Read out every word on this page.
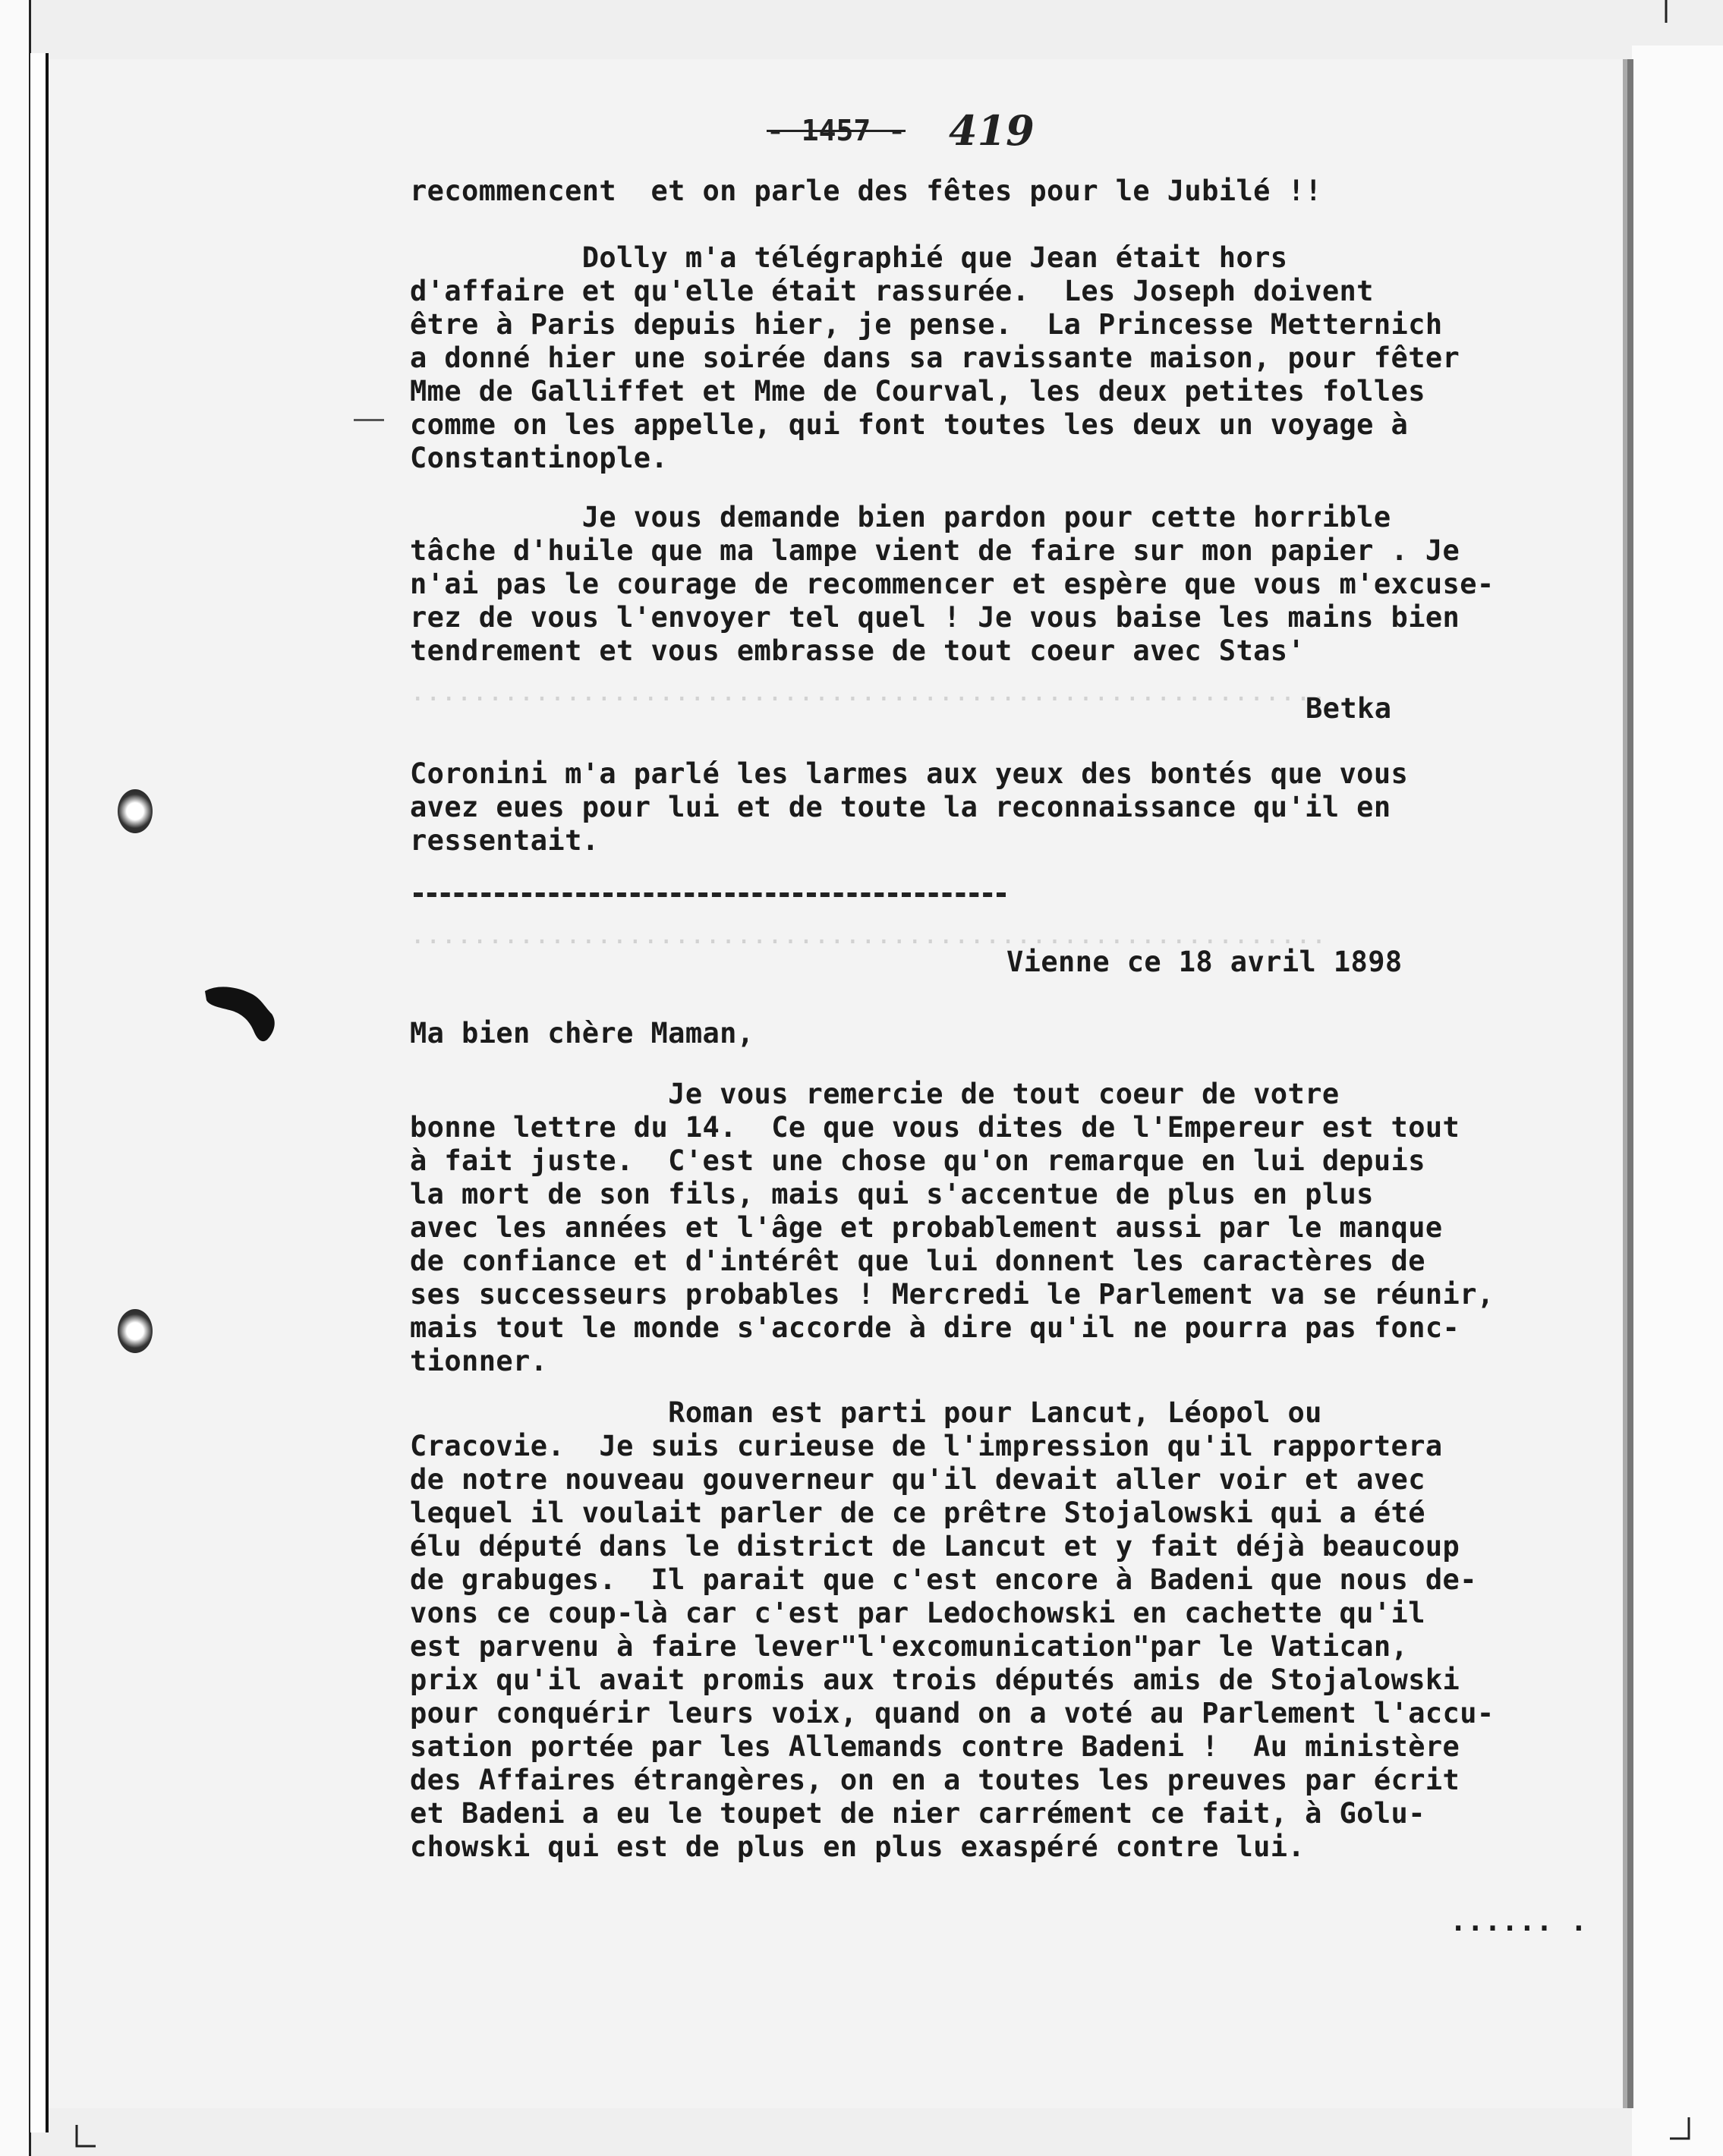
...........................................................
...........................................................
- 1457 - 419
recommencent  et on parle des fêtes pour le Jubilé !!
Dolly m'a télégraphié que Jean était hors
d'affaire et qu'elle était rassurée.  Les Joseph doivent
être à Paris depuis hier, je pense.  La Princesse Metternich
a donné hier une soirée dans sa ravissante maison, pour fêter
Mme de Galliffet et Mme de Courval, les deux petites folles
comme on les appelle, qui font toutes les deux un voyage à
Constantinople.
Je vous demande bien pardon pour cette horrible
tâche d'huile que ma lampe vient de faire sur mon papier . Je
n'ai pas le courage de recommencer et espère que vous m'excuse-
rez de vous l'envoyer tel quel ! Je vous baise les mains bien
tendrement et vous embrasse de tout coeur avec Stas'
Betka
Coronini m'a parlé les larmes aux yeux des bontés que vous
avez eues pour lui et de toute la reconnaissance qu'il en
ressentait.
Vienne ce 18 avril 1898
Ma bien chère Maman,
Je vous remercie de tout coeur de votre
bonne lettre du 14.  Ce que vous dites de l'Empereur est tout
à fait juste.  C'est une chose qu'on remarque en lui depuis
la mort de son fils, mais qui s'accentue de plus en plus
avec les années et l'âge et probablement aussi par le manque
de confiance et d'intérêt que lui donnent les caractères de
ses successeurs probables ! Mercredi le Parlement va se réunir,
mais tout le monde s'accorde à dire qu'il ne pourra pas fonc-
tionner.
Roman est parti pour Lancut, Léopol ou
Cracovie.  Je suis curieuse de l'impression qu'il rapportera
de notre nouveau gouverneur qu'il devait aller voir et avec
lequel il voulait parler de ce prêtre Stojalowski qui a été
élu député dans le district de Lancut et y fait déjà beaucoup
de grabuges.  Il parait que c'est encore à Badeni que nous de-
vons ce coup-là car c'est par Ledochowski en cachette qu'il
est parvenu à faire lever"l'excomunication"par le Vatican,
prix qu'il avait promis aux trois députés amis de Stojalowski
pour conquérir leurs voix, quand on a voté au Parlement l'accu-
sation portée par les Allemands contre Badeni !  Au ministère
des Affaires étrangères, on en a toutes les preuves par écrit
et Badeni a eu le toupet de nier carrément ce fait, à Golu-
chowski qui est de plus en plus exaspéré contre lui.
...... .
